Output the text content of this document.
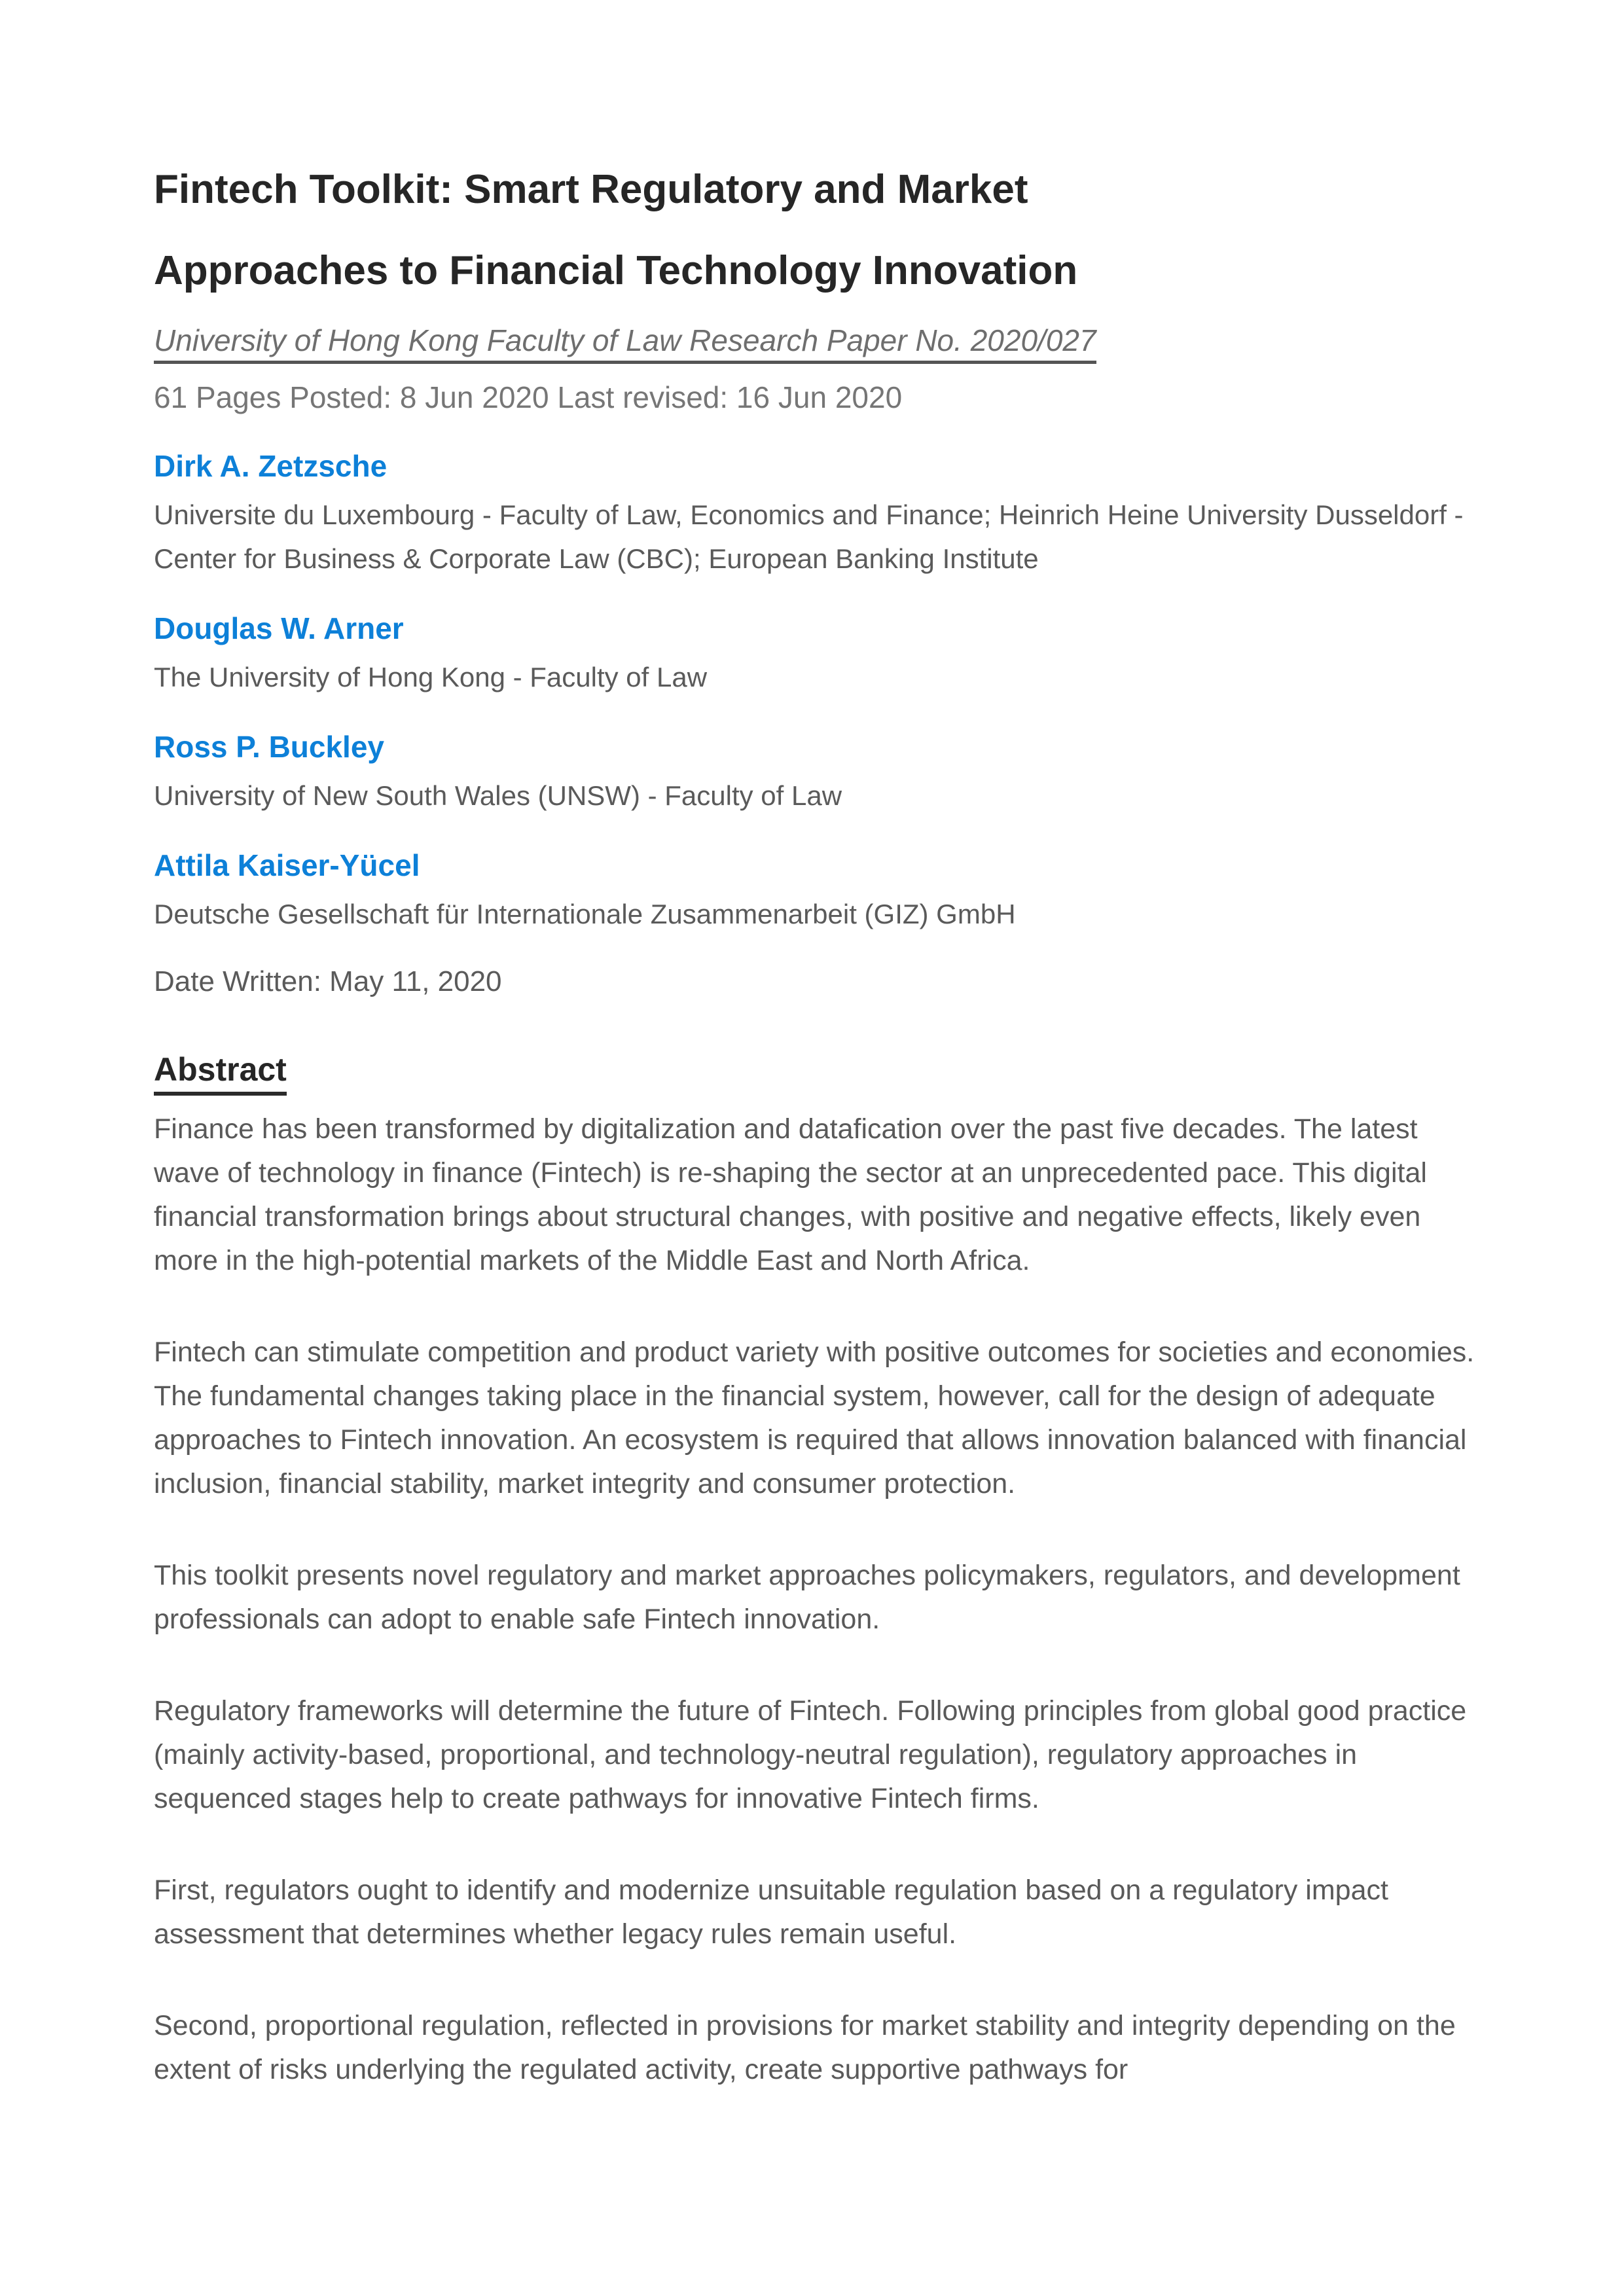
Fintech Toolkit: Smart Regulatory and Market Approaches to Financial Technology Innovation
University of Hong Kong Faculty of Law Research Paper No. 2020/027
61 Pages Posted: 8 Jun 2020 Last revised: 16 Jun 2020
Dirk A. Zetzsche
Universite du Luxembourg - Faculty of Law, Economics and Finance; Heinrich Heine University Dusseldorf - Center for Business & Corporate Law (CBC); European Banking Institute
Douglas W. Arner
The University of Hong Kong - Faculty of Law
Ross P. Buckley
University of New South Wales (UNSW) - Faculty of Law
Attila Kaiser-Yücel
Deutsche Gesellschaft für Internationale Zusammenarbeit (GIZ) GmbH
Date Written: May 11, 2020
Abstract

Finance has been transformed by digitalization and datafication over the past five decades. The latest wave of technology in finance (Fintech) is re-shaping the sector at an unprecedented pace. This digital financial transformation brings about structural changes, with positive and negative effects, likely even more in the high-potential markets of the Middle East and North Africa.

Fintech can stimulate competition and product variety with positive outcomes for societies and economies. The fundamental changes taking place in the financial system, however, call for the design of adequate approaches to Fintech innovation. An ecosystem is required that allows innovation balanced with financial inclusion, financial stability, market integrity and consumer protection.

This toolkit presents novel regulatory and market approaches policymakers, regulators, and development professionals can adopt to enable safe Fintech innovation.

Regulatory frameworks will determine the future of Fintech. Following principles from global good practice (mainly activity-based, proportional, and technology-neutral regulation), regulatory approaches in sequenced stages help to create pathways for innovative Fintech firms.

First, regulators ought to identify and modernize unsuitable regulation based on a regulatory impact assessment that determines whether legacy rules remain useful.

Second, proportional regulation, reflected in provisions for market stability and integrity depending on the extent of risks underlying the regulated activity, create supportive pathways for
